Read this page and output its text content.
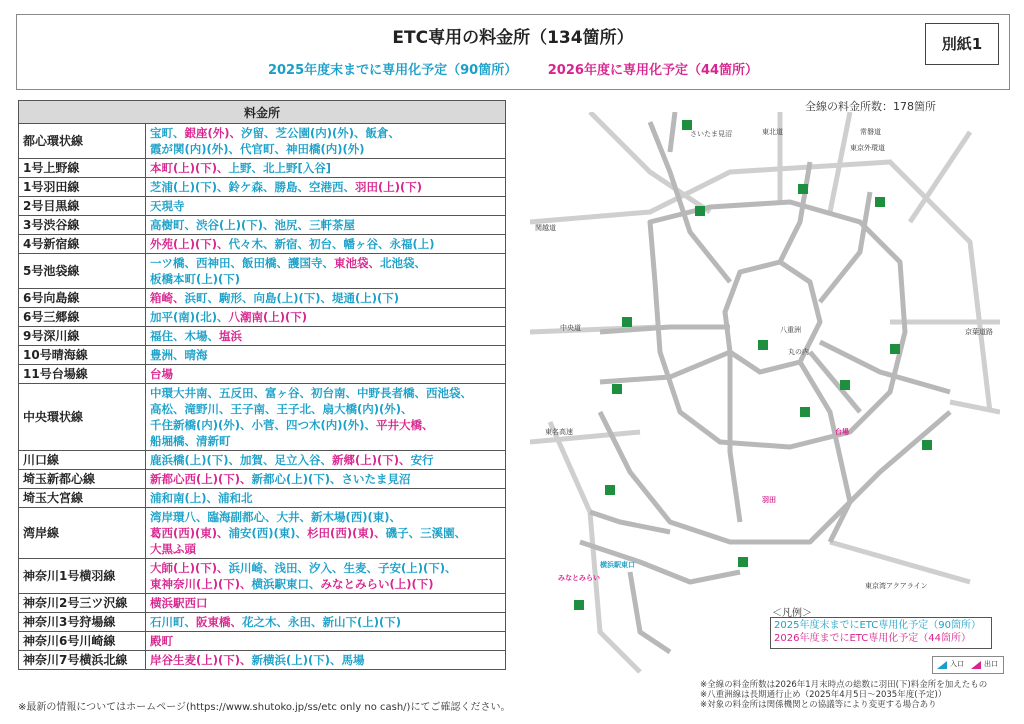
ETC専用の料金所（134箇所）
2025年度末までに専用化予定（90箇所） 2026年度に専用化予定（44箇所）
別紙1
料金所	
都心環状線	宝町、銀座(外)、汐留、芝公園(内)(外)、飯倉、
霞が関(内)(外)、代官町、神田橋(内)(外)
1号上野線	本町(上)(下)、上野、北上野[入谷]
1号羽田線	芝浦(上)(下)、鈴ケ森、勝島、空港西、羽田(上)(下)
2号目黒線	天現寺
3号渋谷線	高樹町、渋谷(上)(下)、池尻、三軒茶屋
4号新宿線	外苑(上)(下)、代々木、新宿、初台、幡ヶ谷、永福(上)
5号池袋線	一ツ橋、西神田、飯田橋、護国寺、東池袋、北池袋、
板橋本町(上)(下)
6号向島線	箱崎、浜町、駒形、向島(上)(下)、堤通(上)(下)
6号三郷線	加平(南)(北)、八潮南(上)(下)
9号深川線	福住、木場、塩浜
10号晴海線	豊洲、晴海
11号台場線	台場
中央環状線	中環大井南、五反田、富ヶ谷、初台南、中野長者橋、西池袋、
高松、滝野川、王子南、王子北、扇大橋(内)(外)、
千住新橋(内)(外)、小菅、四つ木(内)(外)、平井大橋、
船堀橋、清新町
川口線	鹿浜橋(上)(下)、加賀、足立入谷、新郷(上)(下)、安行
埼玉新都心線	新都心西(上)(下)、新都心(上)(下)、さいたま見沼
埼玉大宮線	浦和南(上)、浦和北
湾岸線	湾岸環八、臨海副都心、大井、新木場(西)(東)、
葛西(西)(東)、浦安(西)(東)、杉田(西)(東)、磯子、三溪園、
大黒ふ頭
神奈川1号横羽線	大師(上)(下)、浜川崎、浅田、汐入、生麦、子安(上)(下)、
東神奈川(上)(下)、横浜駅東口、みなとみらい(上)(下)
神奈川2号三ツ沢線	横浜駅西口
神奈川3号狩場線	石川町、阪東橋、花之木、永田、新山下(上)(下)
神奈川6号川崎線	殿町
神奈川7号横浜北線	岸谷生麦(上)(下)、新横浜(上)(下)、馬場
※最新の情報についてはホームページ(https://www.shutoko.jp/ss/etc only no cash/)にてご確認ください。
全線の料金所数：178箇所
さいたま見沼	東北道	常磐道
東京外環道
関越道
中央道	京葉道路
東名高速
東京湾アクアライン
丸の内
八重洲
台場
羽田
横浜駅東口
みなとみらい
＜凡例＞
2025年度末までにETC専用化予定（90箇所）
2026年度までにETC専用化予定（44箇所）
入口	出口
※全線の料金所数は2026年1月末時点の総数に羽田(下)料金所を加えたもの
※八重洲線は長期通行止め（2025年4月5日～2035年度(予定)）
※対象の料金所は関係機関との協議等により変更する場合あり
